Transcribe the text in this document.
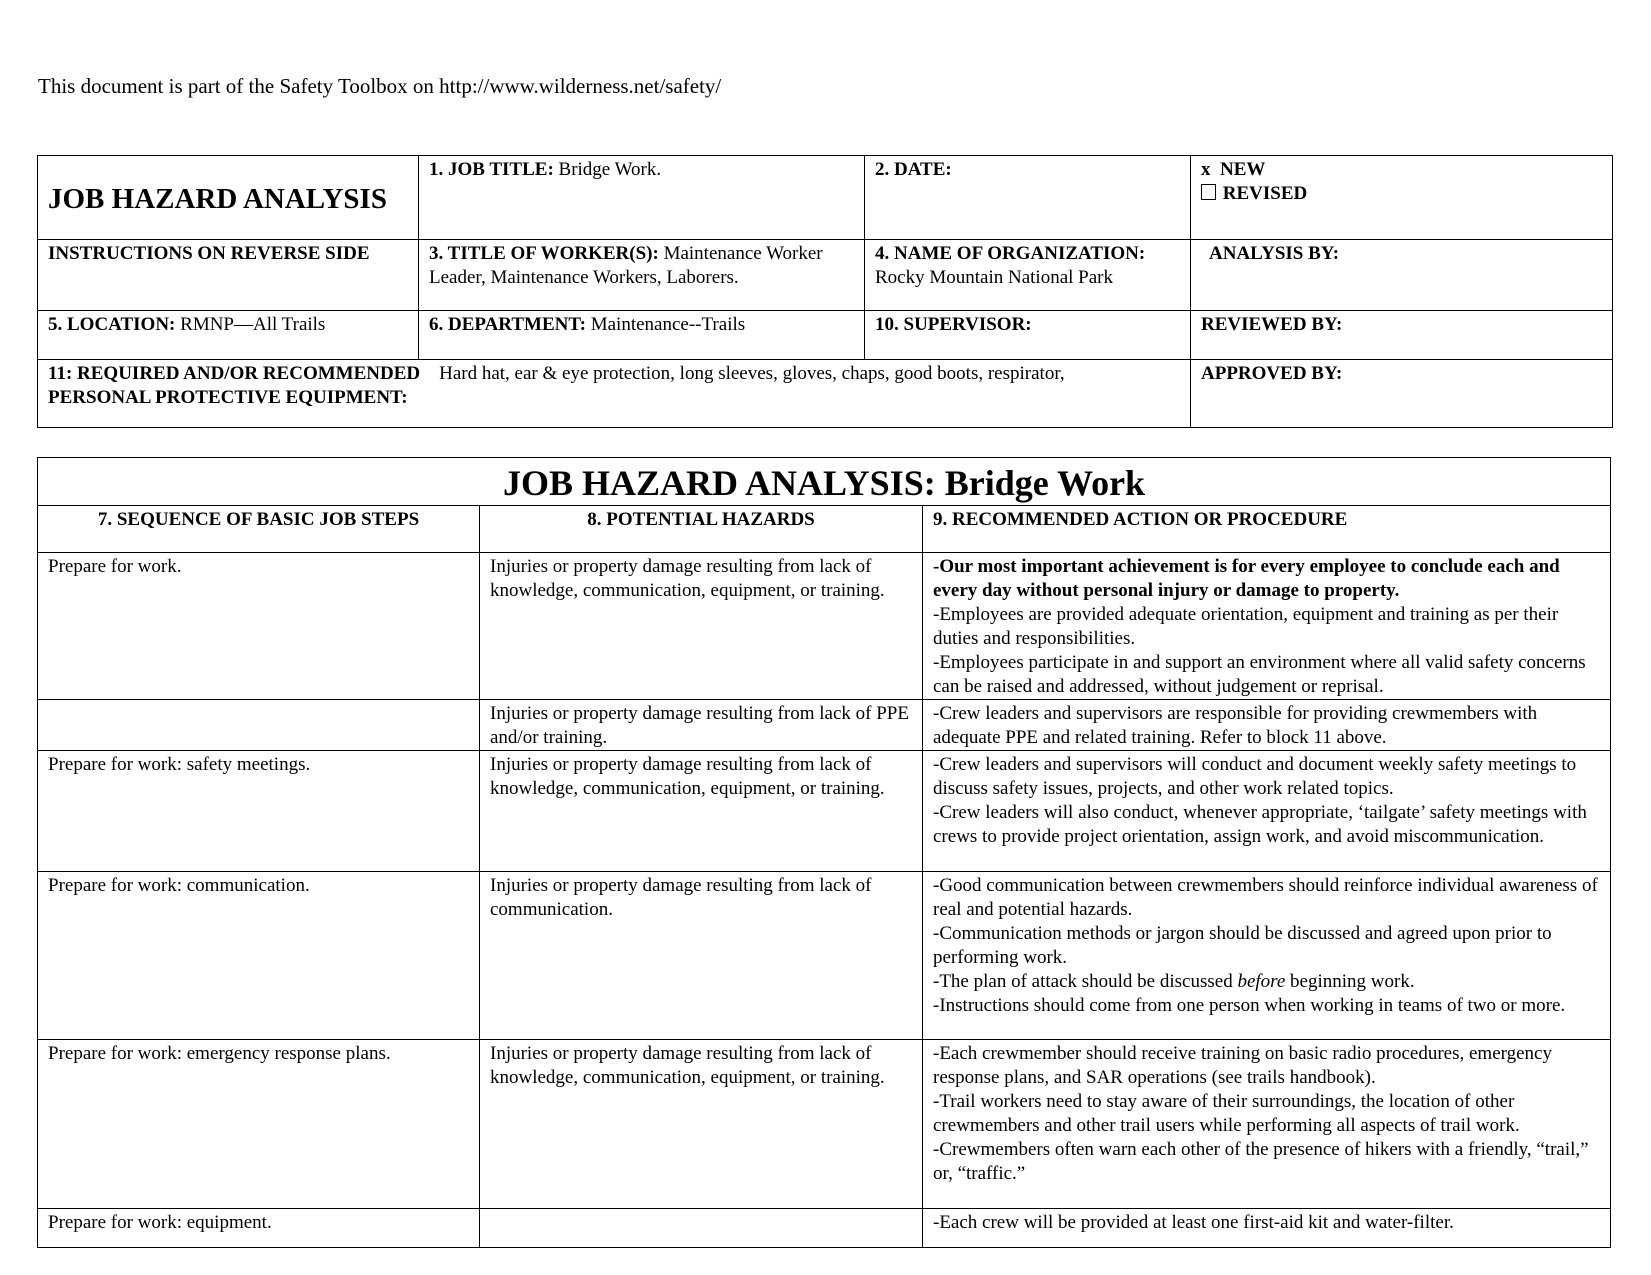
This document is part of the Safety Toolbox on http://www.wilderness.net/safety/
JOB HAZARD ANALYSIS	1. JOB TITLE: Bridge Work.	2. DATE:	x NEW
REVISED

INSTRUCTIONS ON REVERSE SIDE	3. TITLE OF WORKER(S): Maintenance Worker Leader, Maintenance Workers, Laborers.	4. NAME OF ORGANIZATION:
Rocky Mountain National Park	ANALYSIS BY:
5. LOCATION: RMNP—All Trails	6. DEPARTMENT: Maintenance--Trails	10. SUPERVISOR:	REVIEWED BY:
11: REQUIRED AND/OR RECOMMENDED Hard hat, ear & eye protection, long sleeves, gloves, chaps, good boots, respirator,
PERSONAL PROTECTIVE EQUIPMENT:			APPROVED BY:
JOB HAZARD ANALYSIS: Bridge Work		
7. SEQUENCE OF BASIC JOB STEPS	8. POTENTIAL HAZARDS	9. RECOMMENDED ACTION OR PROCEDURE
Prepare for work.	Injuries or property damage resulting from lack of knowledge, communication, equipment, or training.	-Our most important achievement is for every employee to conclude each and every day without personal injury or damage to property.
-Employees are provided adequate orientation, equipment and training as per their duties and responsibilities.
-Employees participate in and support an environment where all valid safety concerns can be raised and addressed, without judgement or reprisal.

	Injuries or property damage resulting from lack of PPE and/or training.	-Crew leaders and supervisors are responsible for providing crewmembers with adequate PPE and related training. Refer to block 11 above.

Prepare for work: safety meetings.	Injuries or property damage resulting from lack of knowledge, communication, equipment, or training.	-Crew leaders and supervisors will conduct and document weekly safety meetings to discuss safety issues, projects, and other work related topics.
-Crew leaders will also conduct, whenever appropriate, ‘tailgate’ safety meetings with crews to provide project orientation, assign work, and avoid miscommunication.

Prepare for work: communication.	Injuries or property damage resulting from lack of communication.	-Good communication between crewmembers should reinforce individual awareness of real and potential hazards.
-Communication methods or jargon should be discussed and agreed upon prior to performing work.
-The plan of attack should be discussed before beginning work.
-Instructions should come from one person when working in teams of two or more.

Prepare for work: emergency response plans.	Injuries or property damage resulting from lack of knowledge, communication, equipment, or training.	-Each crewmember should receive training on basic radio procedures, emergency response plans, and SAR operations (see trails handbook).
-Trail workers need to stay aware of their surroundings, the location of other crewmembers and other trail users while performing all aspects of trail work.
-Crewmembers often warn each other of the presence of hikers with a friendly, “trail,” or, “traffic.”

Prepare for work: equipment.		-Each crew will be provided at least one first-aid kit and water-filter.
